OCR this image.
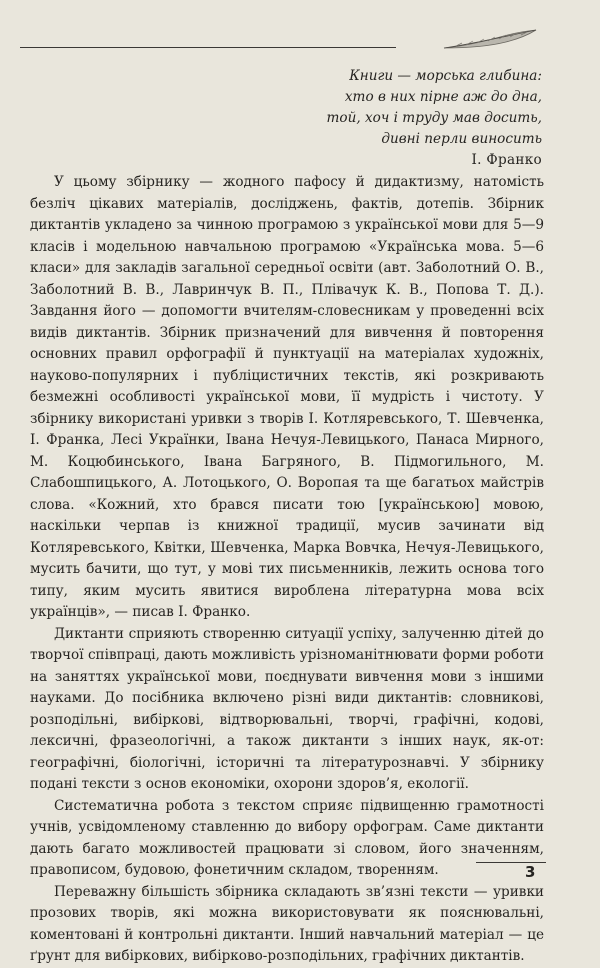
Книги — морська глибина:
хто в них пірне аж до дна,
той, хоч і труду мав досить,
дивні перли виносить
І. Франко

У цьому збірнику — жодного пафосу й дидактизму, натомість безліч цікавих матеріалів, досліджень, фактів, дотепів. Збірник диктантів укладено за чинною програмою з української мови для 5—9 класів і модельною навчальною програмою «Українська мова. 5—6 класи» для закладів загальної середньої освіти (авт. Заболотний О. В., Заболотний В. В., Лавринчук В. П., Плівачук К. В., Попова Т. Д.). Завдання його — допомогти вчителям-словесникам у проведенні всіх видів диктантів. Збірник призначений для вивчення й повторення основних правил орфографії й пунктуації на матеріалах художніх, науково-популярних і публіцистичних текстів, які розкривають безмежні особливості української мови, її мудрість і чистоту. У збірнику використані уривки з творів І. Котляревського, Т. Шевченка, І. Франка, Лесі Українки, Івана Нечуя-Левицького, Панаса Мирного, М. Коцюбинського, Івана Багряного, В. Підмогильного, М. Слабошпицького, А. Лотоцького, О. Воропая та ще багатьох майстрів слова. «Кожний, хто брався писати тою [українською] мовою, наскільки черпав із книжної традиції, мусив зачинати від Котляревського, Квітки, Шевченка, Марка Вовчка, Нечуя-Левицького, мусить бачити, що тут, у мові тих письменників, лежить основа того типу, яким мусить явитися вироблена літературна мова всіх українців», — писав І. Франко.

Диктанти сприяють створенню ситуації успіху, залученню дітей до творчої співпраці, дають можливість урізноманітнювати форми роботи на заняттях української мови, поєднувати вивчення мови з іншими науками. До посібника включено різні види диктантів: словникові, розподільні, вибіркові, відтворювальні, творчі, графічні, кодові, лексичні, фразеологічні, а також диктанти з інших наук, як-от: географічні, біологічні, історичні та літературознавчі. У збірнику подані тексти з основ економіки, охорони здоров’я, екології.

Систематична робота з текстом сприяє підвищенню грамотності учнів, усвідомленому ставленню до вибору орфограм. Саме диктанти дають багато можливостей працювати зі словом, його значенням, правописом, будовою, фонетичним складом, творенням.

Переважну більшість збірника складають зв’язні тексти — уривки прозових творів, які можна використовувати як пояснювальні, коментовані й контрольні диктанти. Інший навчальний матеріал — це ґрунт для вибіркових, вибірково-розподільних, графічних диктантів.

3
